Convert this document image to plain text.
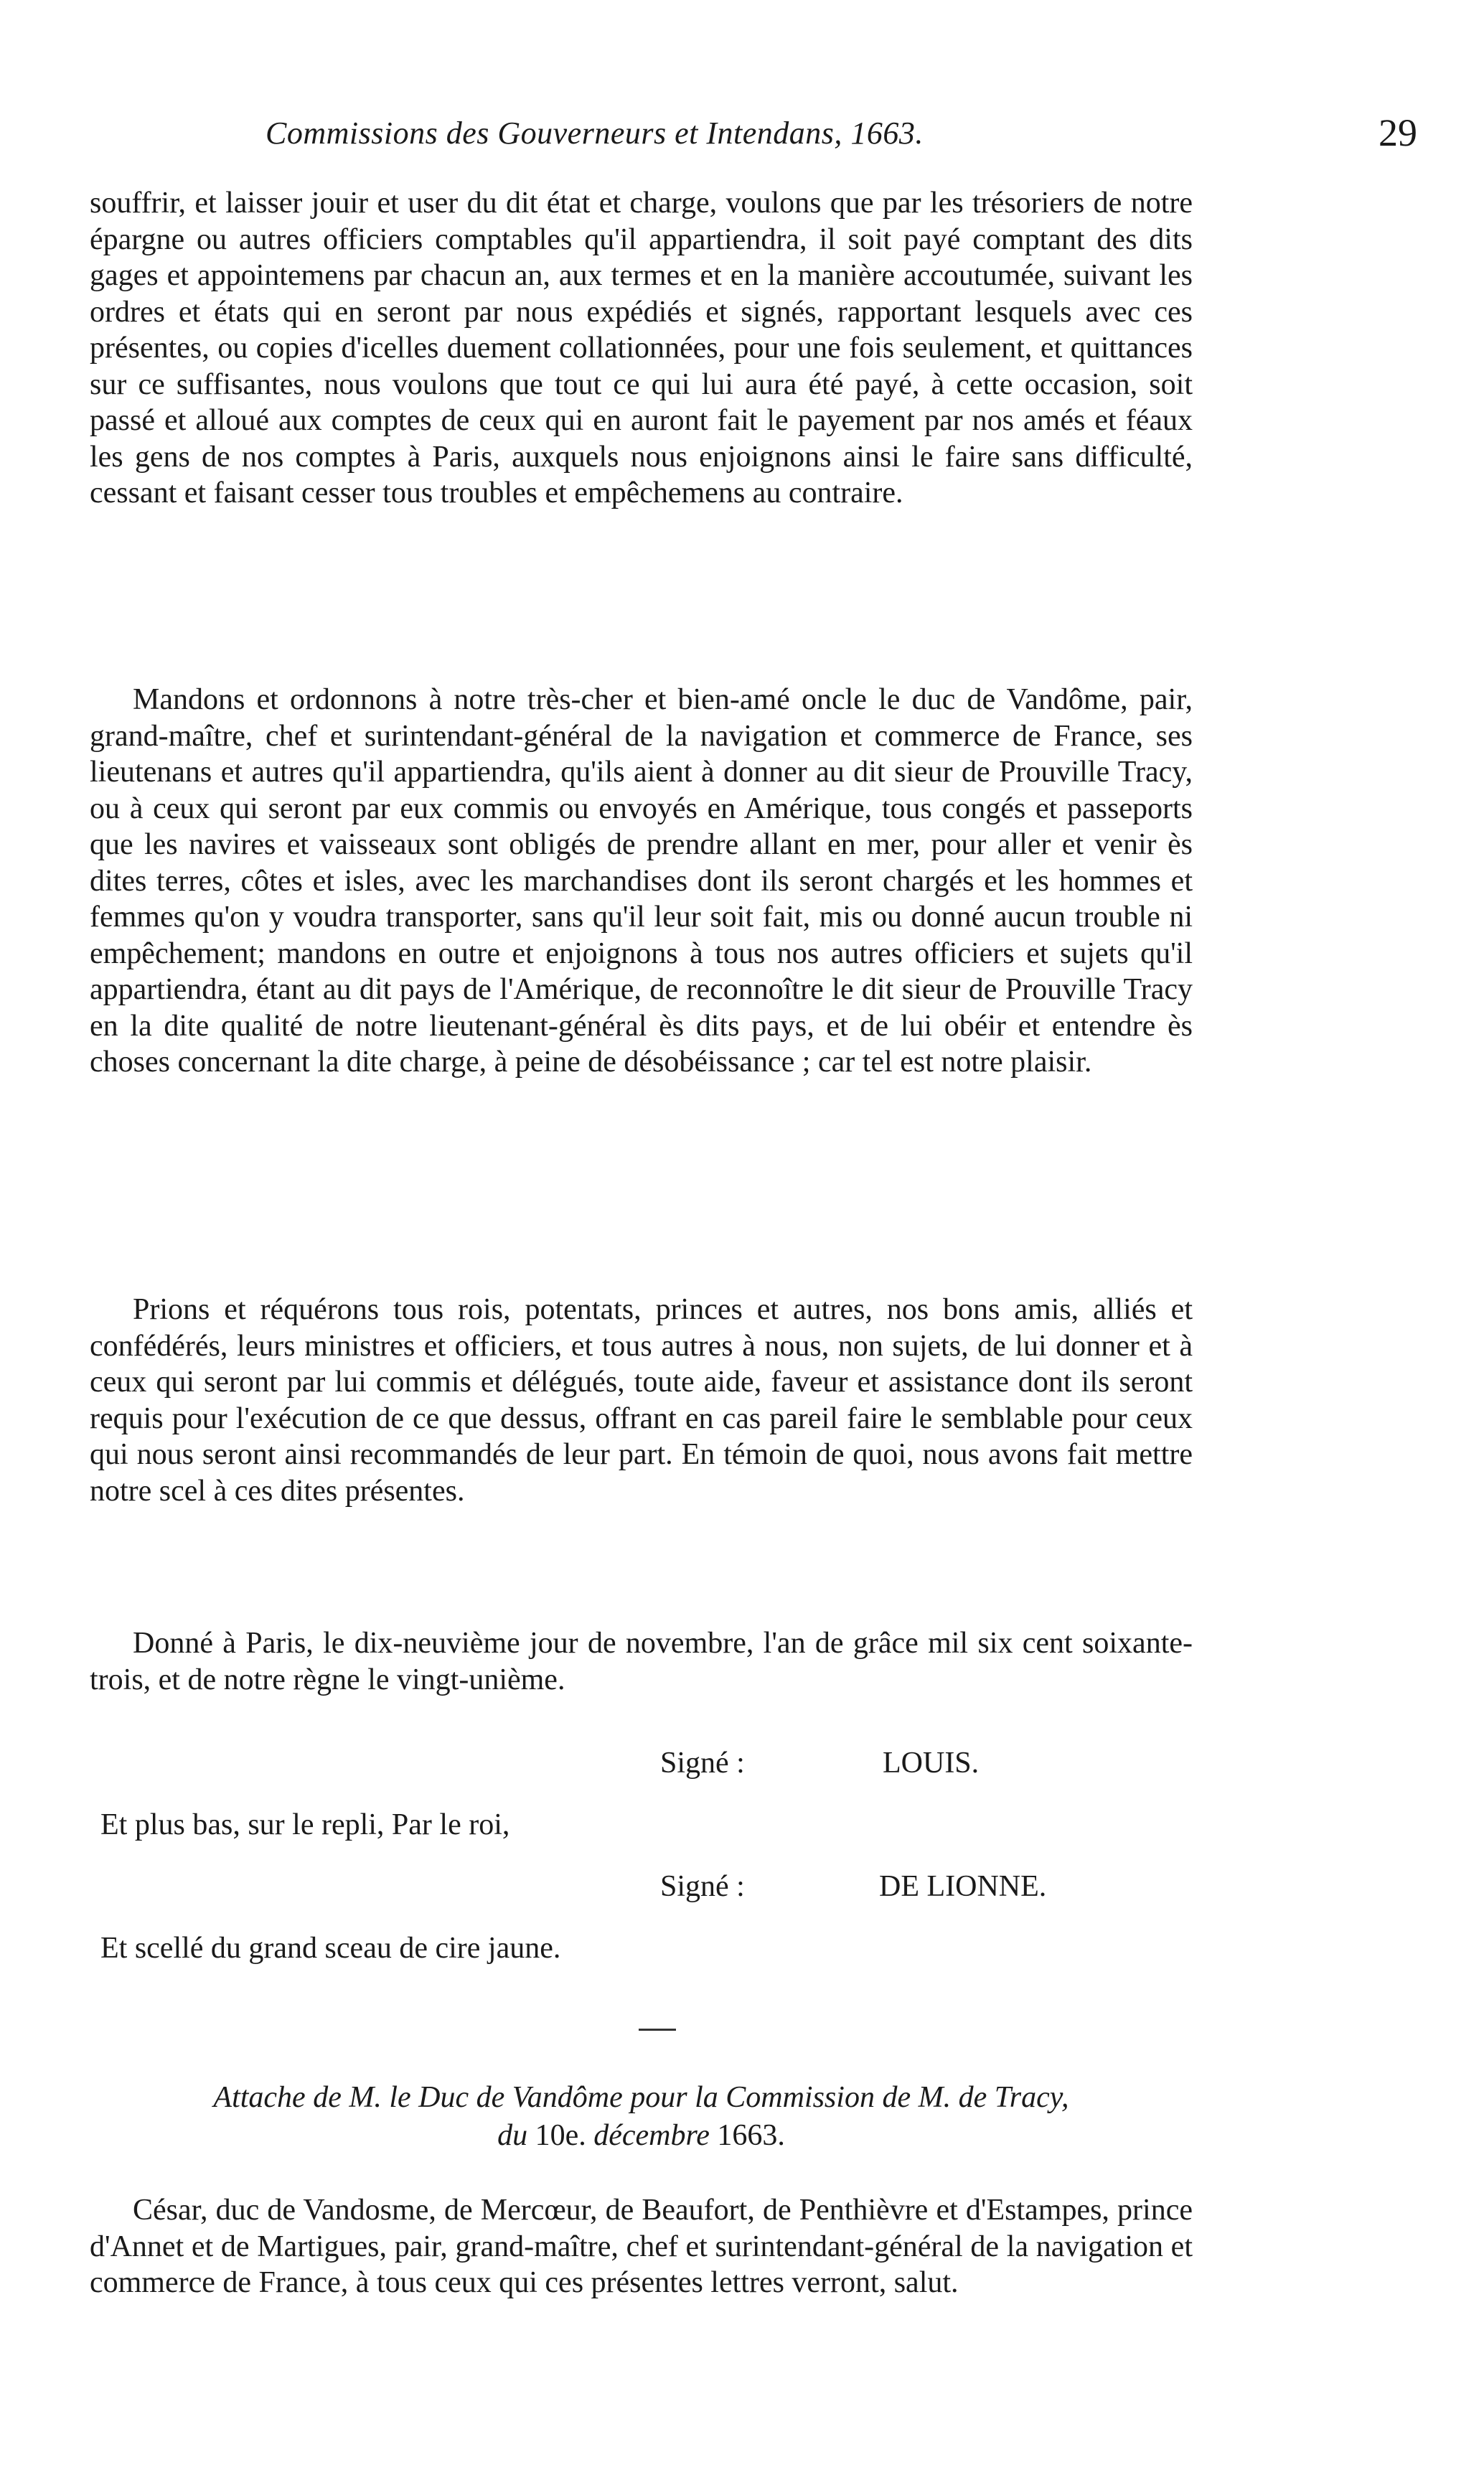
Commissions des Gouverneurs et Intendans, 1663.	29

souffrir, et laisser jouir et user du dit état et charge, voulons que par les trésoriers de notre épargne ou autres officiers comptables qu'il appartiendra, il soit payé comptant des dits gages et appointemens par chacun an, aux termes et en la manière accoutumée, suivant les ordres et états qui en seront par nous expédiés et signés, rapportant lesquels avec ces présentes, ou copies d'icelles duement collationnées, pour une fois seulement, et quittances sur ce suffisantes, nous voulons que tout ce qui lui aura été payé, à cette occasion, soit passé et alloué aux comptes de ceux qui en auront fait le payement par nos amés et féaux les gens de nos comptes à Paris, auxquels nous enjoignons ainsi le faire sans difficulté, cessant et faisant cesser tous troubles et empêchemens au contraire.

Mandons et ordonnons à notre très-cher et bien-amé oncle le duc de Vandôme, pair, grand-maître, chef et surintendant-général de la navigation et commerce de France, ses lieutenans et autres qu'il appartiendra, qu'ils aient à donner au dit sieur de Prouville Tracy, ou à ceux qui seront par eux commis ou envoyés en Amérique, tous congés et passeports que les navires et vaisseaux sont obligés de prendre allant en mer, pour aller et venir ès dites terres, côtes et isles, avec les marchandises dont ils seront chargés et les hommes et femmes qu'on y voudra transporter, sans qu'il leur soit fait, mis ou donné aucun trouble ni empêchement; mandons en outre et enjoignons à tous nos autres officiers et sujets qu'il appartiendra, étant au dit pays de l'Amérique, de reconnoître le dit sieur de Prouville Tracy en la dite qualité de notre lieutenant-général ès dits pays, et de lui obéir et entendre ès choses concernant la dite charge, à peine de désobéissance ; car tel est notre plaisir.

Prions et réquérons tous rois, potentats, princes et autres, nos bons amis, alliés et confédérés, leurs ministres et officiers, et tous autres à nous, non sujets, de lui donner et à ceux qui seront par lui commis et délégués, toute aide, faveur et assistance dont ils seront requis pour l'exécution de ce que dessus, offrant en cas pareil faire le semblable pour ceux qui nous seront ainsi recommandés de leur part. En témoin de quoi, nous avons fait mettre notre scel à ces dites présentes.

Donné à Paris, le dix-neuvième jour de novembre, l'an de grâce mil six cent soixante-trois, et de notre règne le vingt-unième.

Signé :	LOUIS.
Et plus bas, sur le repli, Par le roi,
Signé :	DE LIONNE.
Et scellé du grand sceau de cire jaune.
Attache de M. le Duc de Vandôme pour la Commission de M. de Tracy,
du 10e. décembre 1663.

César, duc de Vandosme, de Mercœur, de Beaufort, de Penthièvre et d'Estampes, prince d'Annet et de Martigues, pair, grand-maître, chef et surintendant-général de la navigation et commerce de France, à tous ceux qui ces présentes lettres verront, salut.
